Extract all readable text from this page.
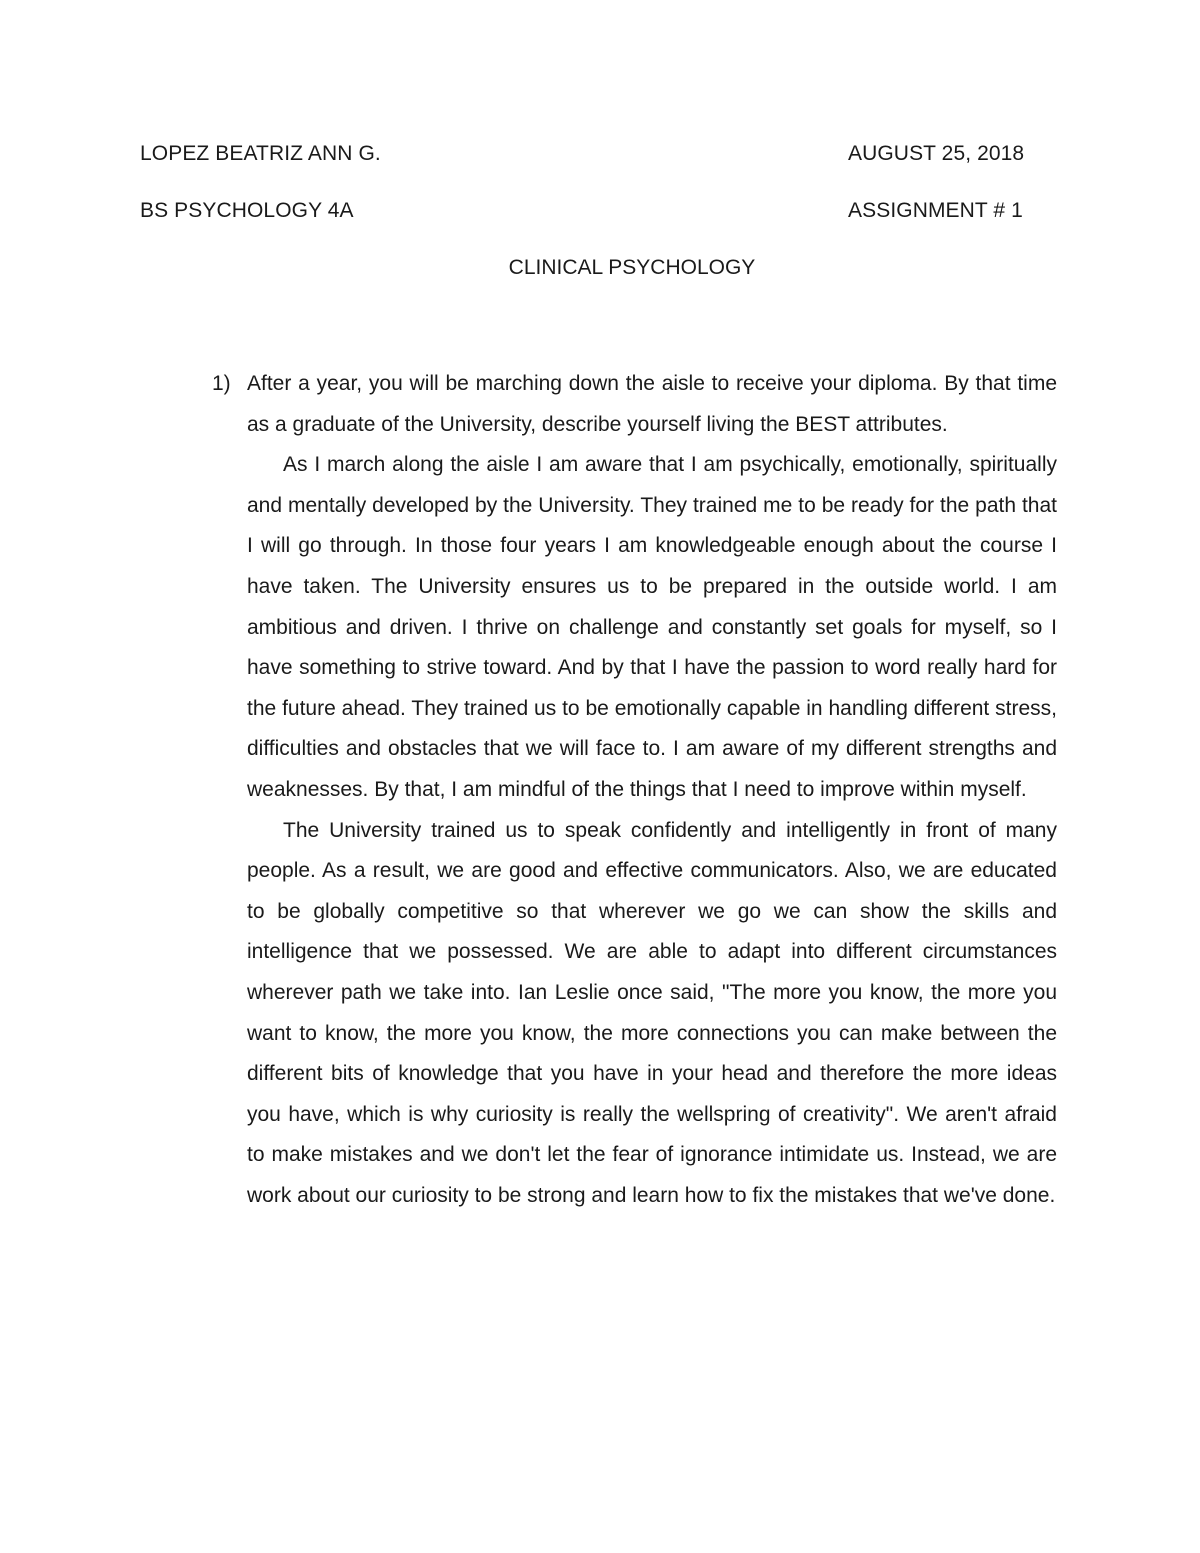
LOPEZ BEATRIZ ANN G.	AUGUST 25, 2018
BS PSYCHOLOGY 4A	ASSIGNMENT # 1
CLINICAL PSYCHOLOGY

1) After a year, you will be marching down the aisle to receive your diploma. By that time as a graduate of the University, describe yourself living the BEST attributes.

As I march along the aisle I am aware that I am psychically, emotionally, spiritually and mentally developed by the University. They trained me to be ready for the path that I will go through. In those four years I am knowledgeable enough about the course I have taken. The University ensures us to be prepared in the outside world. I am ambitious and driven. I thrive on challenge and constantly set goals for myself, so I have something to strive toward. And by that I have the passion to word really hard for the future ahead. They trained us to be emotionally capable in handling different stress, difficulties and obstacles that we will face to. I am aware of my different strengths and weaknesses. By that, I am mindful of the things that I need to improve within myself.

The University trained us to speak confidently and intelligently in front of many people. As a result, we are good and effective communicators. Also, we are educated to be globally competitive so that wherever we go we can show the skills and intelligence that we possessed. We are able to adapt into different circumstances wherever path we take into. Ian Leslie once said, "The more you know, the more you want to know, the more you know, the more connections you can make between the different bits of knowledge that you have in your head and therefore the more ideas you have, which is why curiosity is really the wellspring of creativity". We aren't afraid to make mistakes and we don't let the fear of ignorance intimidate us. Instead, we are work about our curiosity to be strong and learn how to fix the mistakes that we've done.
